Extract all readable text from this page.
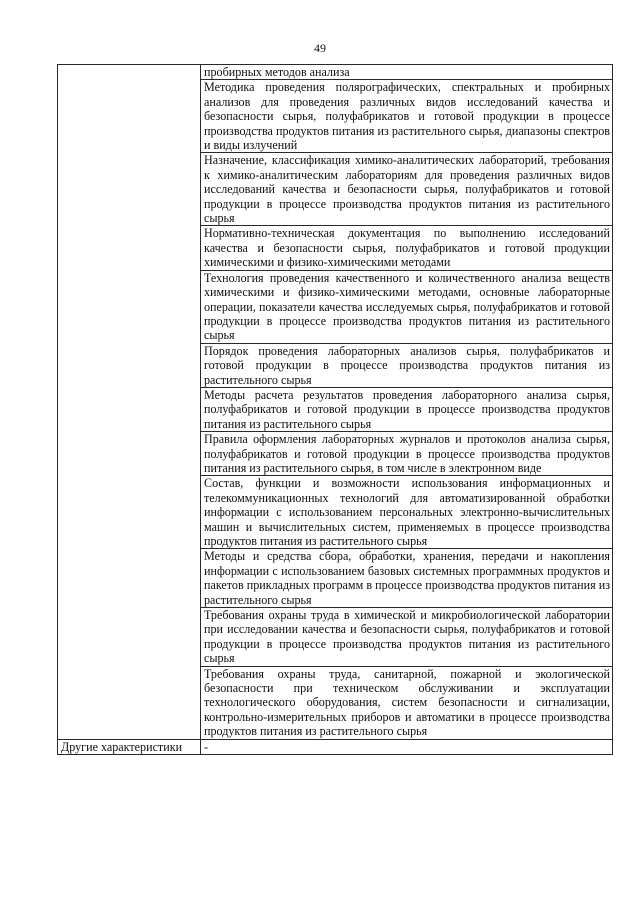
49
	пробирных методов анализа
	Методика проведения полярографических, спектральных и пробирных анализов для проведения различных видов исследований качества и безопасности сырья, полуфабрикатов и готовой продукции в процессе производства продуктов питания из растительного сырья, диапазоны спектров и виды излучений
	Назначение, классификация химико-аналитических лабораторий, требования к химико-аналитическим лабораториям для проведения различных видов исследований качества и безопасности сырья, полуфабрикатов и готовой продукции в процессе производства продуктов питания из растительного сырья
	Нормативно-техническая документация по выполнению исследований качества и безопасности сырья, полуфабрикатов и готовой продукции химическими и физико-химическими методами
	Технология проведения качественного и количественного анализа веществ химическими и физико-химическими методами, основные лабораторные операции, показатели качества исследуемых сырья, полуфабрикатов и готовой продукции в процессе производства продуктов питания из растительного сырья
	Порядок проведения лабораторных анализов сырья, полуфабрикатов и готовой продукции в процессе производства продуктов питания из растительного сырья
	Методы расчета результатов проведения лабораторного анализа сырья, полуфабрикатов и готовой продукции в процессе производства продуктов питания из растительного сырья
	Правила оформления лабораторных журналов и протоколов анализа сырья, полуфабрикатов и готовой продукции в процессе производства продуктов питания из растительного сырья, в том числе в электронном виде
	Состав, функции и возможности использования информационных и телекоммуникационных технологий для автоматизированной обработки информации с использованием персональных электронно-вычислительных машин и вычислительных систем, применяемых в процессе производства продуктов питания из растительного сырья
	Методы и средства сбора, обработки, хранения, передачи и накопления информации с использованием базовых системных программных продуктов и пакетов прикладных программ в процессе производства продуктов питания из растительного сырья
	Требования охраны труда в химической и микробиологической лаборатории при исследовании качества и безопасности сырья, полуфабрикатов и готовой продукции в процессе производства продуктов питания из растительного сырья
	Требования охраны труда, санитарной, пожарной и экологической безопасности при техническом обслуживании и эксплуатации технологического оборудования, систем безопасности и сигнализации, контрольно-измерительных приборов и автоматики в процессе производства продуктов питания из растительного сырья
Другие характеристики	-
